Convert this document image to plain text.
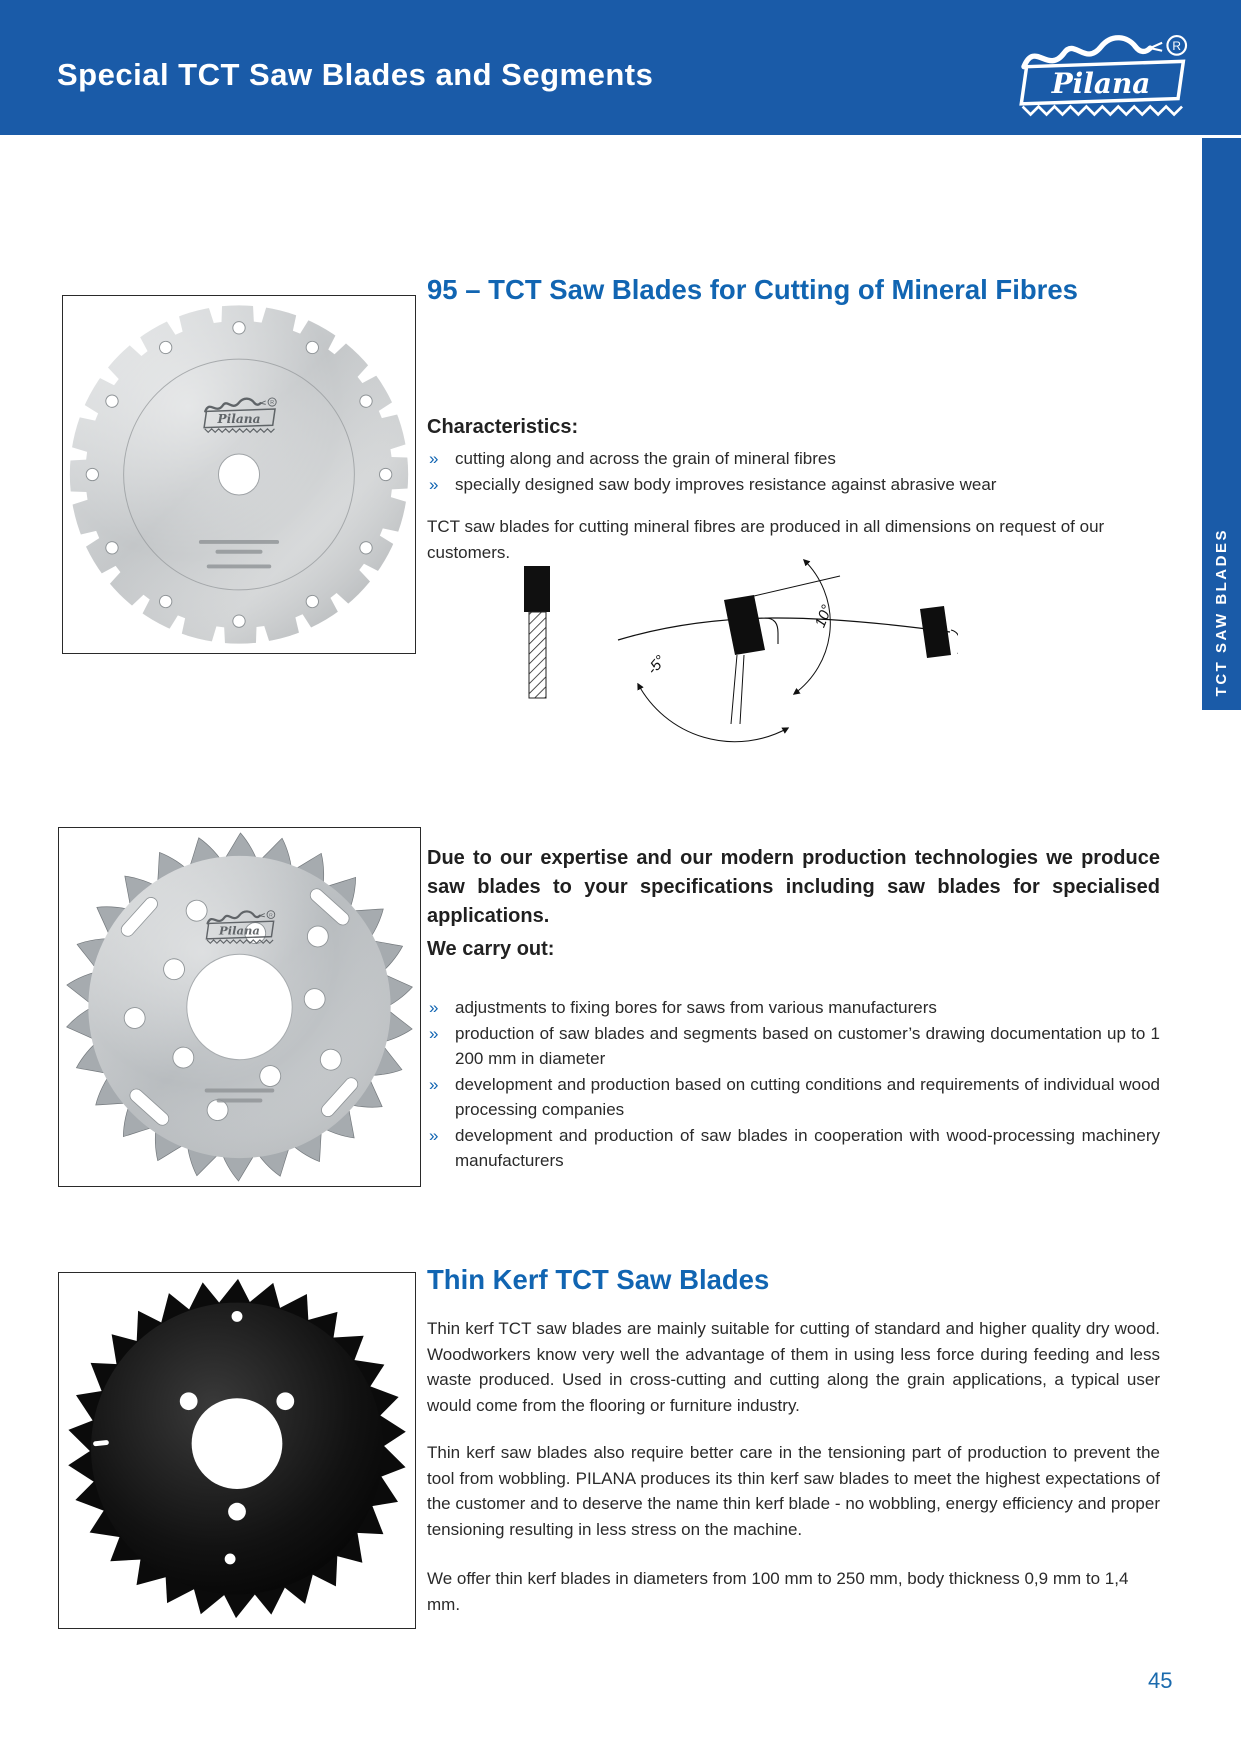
Special TCT Saw Blades and Segments
TCT SAW BLADES
95 – TCT Saw Blades for Cutting of Mineral Fibres
Characteristics:
» cutting along and across the grain of mineral fibres
» specially designed saw body improves resistance against abrasive wear

TCT saw blades for cutting mineral fibres are produced in all dimensions on request of our customers.

10°
-5°

Due to our expertise and our modern production technologies we produce saw blades to your specifications including saw blades for specialised applications.

We carry out:
» adjustments to fixing bores for saws from various manufacturers
» production of saw blades and segments based on customer’s drawing documentation up to 1 200 mm in diameter
» development and production based on cutting conditions and requirements of individual wood processing companies
» development and production of saw blades in cooperation with wood-processing machinery manufacturers
Thin Kerf TCT Saw Blades

Thin kerf TCT saw blades are mainly suitable for cutting of standard and higher quality dry wood. Woodworkers know very well the advantage of them in using less force during feeding and less waste produced. Used in cross-cutting and cutting along the grain applications, a typical user would come from the flooring or furniture industry.

Thin kerf saw blades also require better care in the tensioning part of production to prevent the tool from wobbling. PILANA produces its thin kerf saw blades to meet the highest expectations of the customer and to deserve the name thin kerf blade - no wobbling, energy efficiency and proper tensioning resulting in less stress on the machine.

We offer thin kerf blades in diameters from 100 mm to 250 mm, body thickness 0,9 mm to 1,4 mm.

45
